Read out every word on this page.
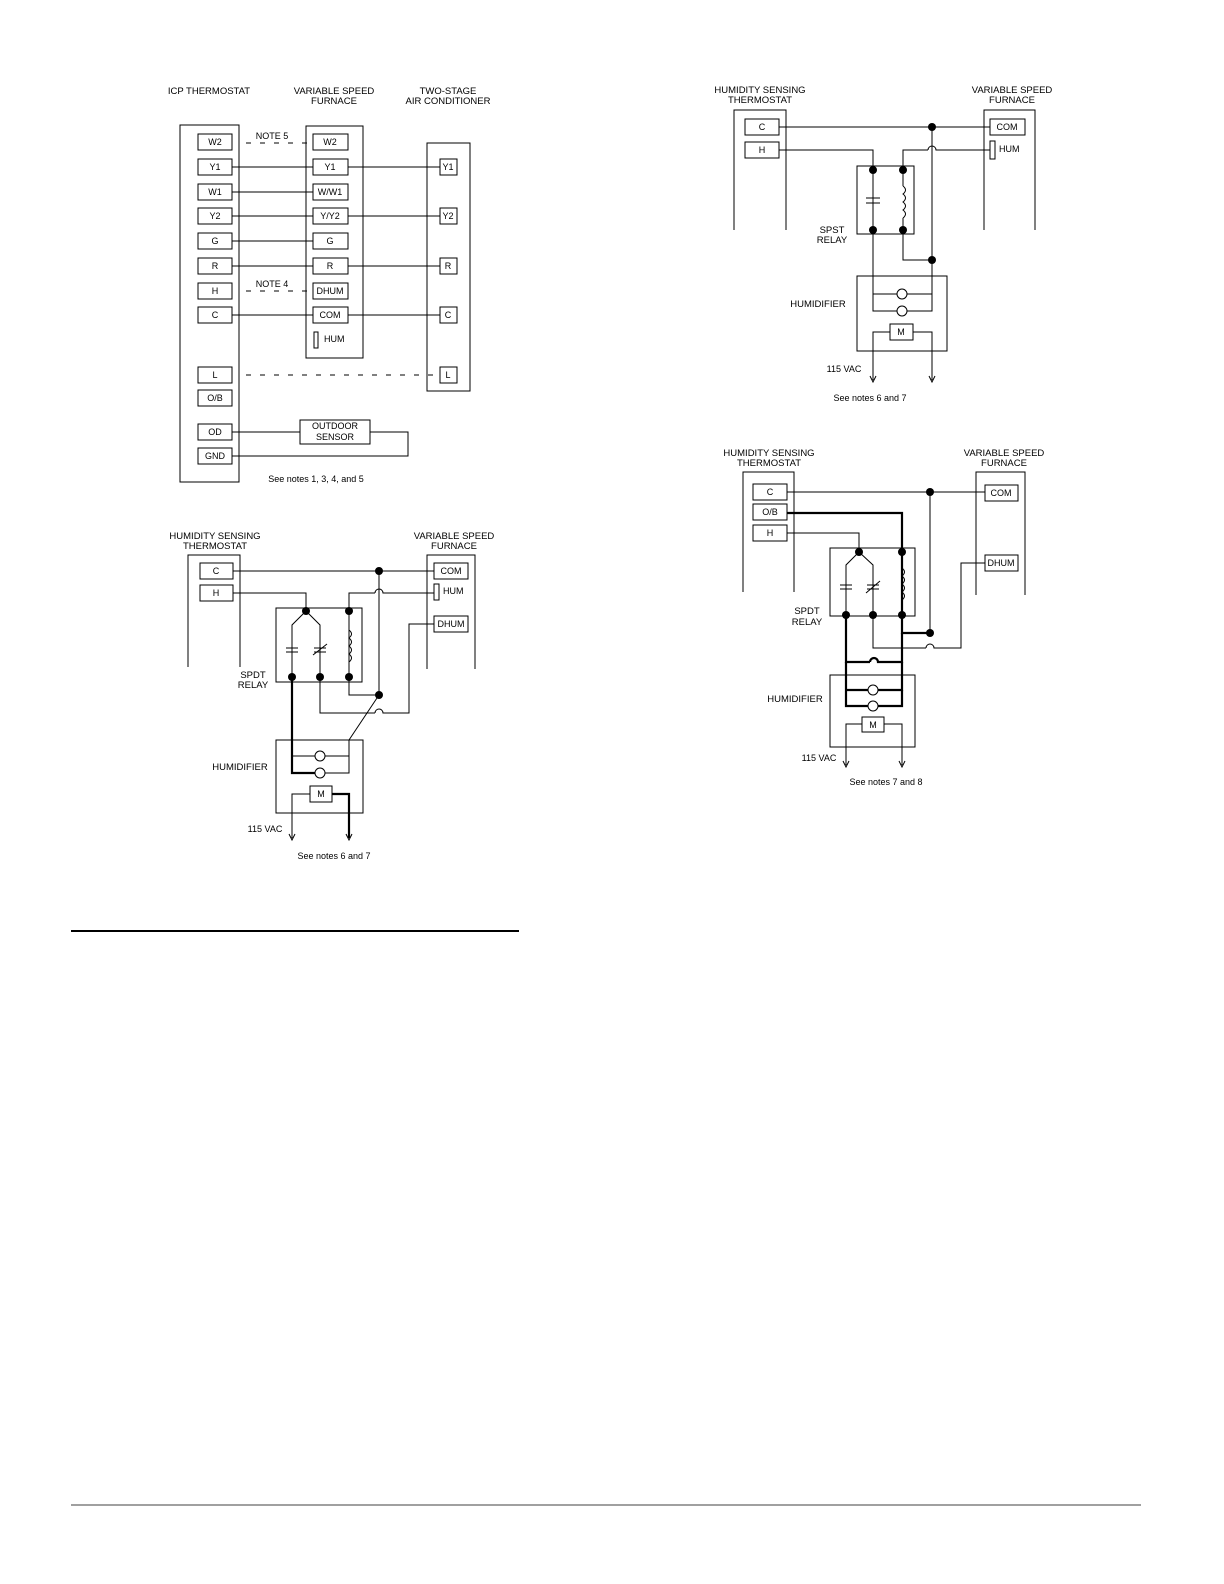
ICP THERMOSTAT	VARIABLE SPEED
FURNACE
TWO-STAGE
AIR CONDITIONER
NOTE 5
NOTE 4
W2
Y1
W1
Y2
G
R
H
C
L
O/B
OD
GND
W2
Y1
W/W1
Y/Y2
G
R
DHUM
COM
HUM
Y1
Y2
R
C
L
OUTDOOR
SENSOR
See notes 1, 3, 4, and 5
HUMIDITY SENSING
THERMOSTAT
VARIABLE SPEED
FURNACE
C
H
COM
HUM
DHUM
SPDT
RELAY
HUMIDIFIER
M
115 VAC
See notes 6 and 7
HUMIDITY SENSING
THERMOSTAT
VARIABLE SPEED
FURNACE
C
H
COM
HUM
SPST
RELAY
HUMIDIFIER
M
115 VAC
See notes 6 and 7
HUMIDITY SENSING
THERMOSTAT
VARIABLE SPEED
FURNACE
C
O/B
H
COM
DHUM
SPDT
RELAY
HUMIDIFIER
M
115 VAC
See notes 7 and 8
